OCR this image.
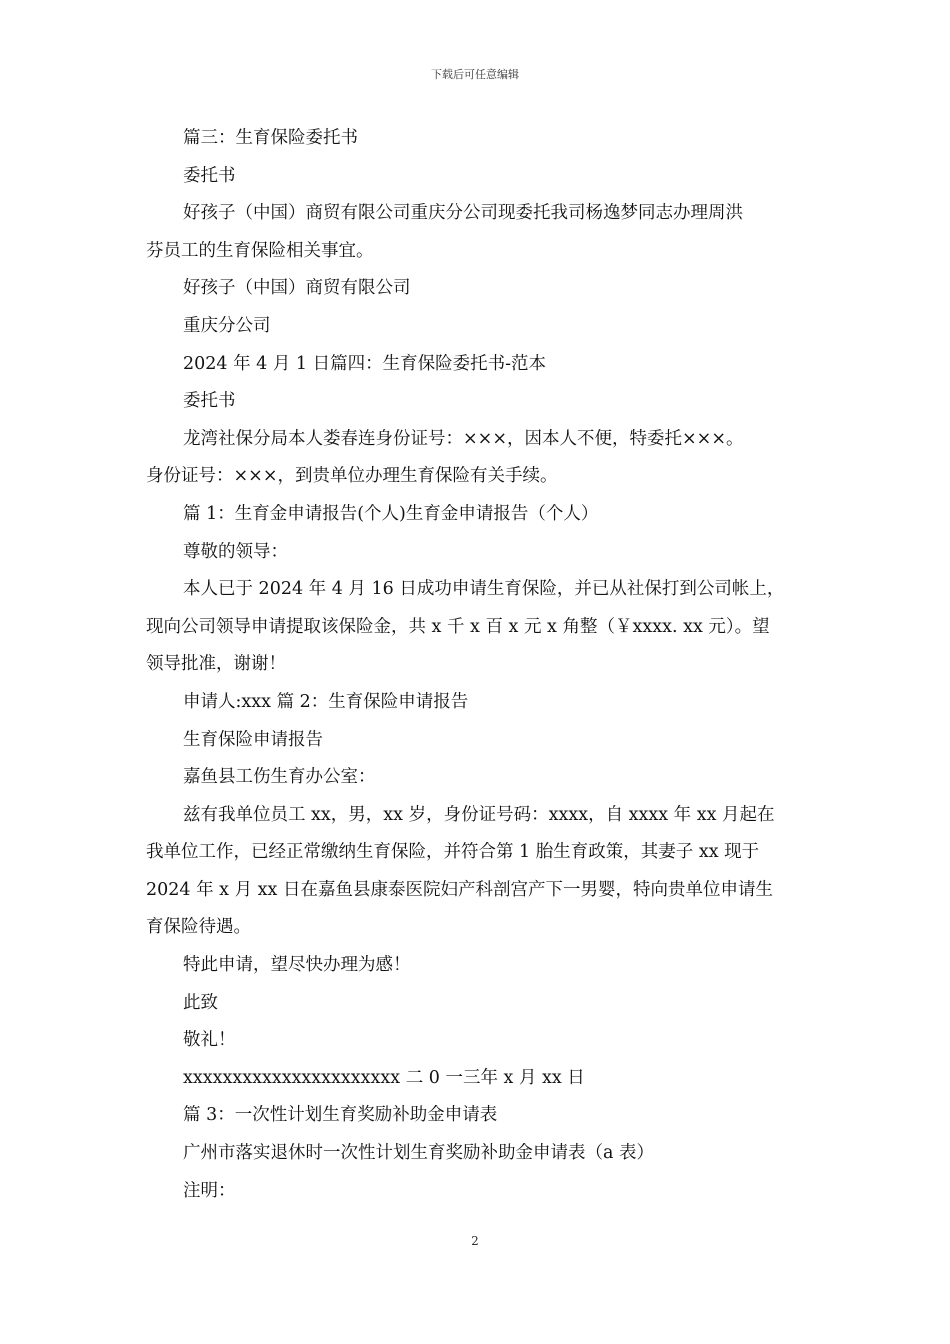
下载后可任意编辑

篇三：生育保险委托书

委托书

好孩子（中国）商贸有限公司重庆分公司现委托我司杨逸梦同志办理周洪

芬员工的生育保险相关事宜。

好孩子（中国）商贸有限公司

重庆分公司

2024 年 4 月 1 日篇四：生育保险委托书-范本

委托书

龙湾社保分局本人娄春连身份证号：×××，因本人不便，特委托×××。

身份证号：×××，到贵单位办理生育保险有关手续。

篇 1：生育金申请报告(个人)生育金申请报告（个人）

尊敬的领导：

本人已于 2024 年 4 月 16 日成功申请生育保险，并已从社保打到公司帐上，

现向公司领导申请提取该保险金，共 x 千 x 百 x 元 x 角整（￥xxxx. xx 元）。望

领导批准，谢谢！

申请人:xxx 篇 2：生育保险申请报告

生育保险申请报告

嘉鱼县工伤生育办公室：

兹有我单位员工 xx，男，xx 岁，身份证号码：xxxx，自 xxxx 年 xx 月起在

我单位工作，已经正常缴纳生育保险，并符合第 1 胎生育政策，其妻子 xx 现于

2024 年 x 月 xx 日在嘉鱼县康泰医院妇产科剖宫产下一男婴，特向贵单位申请生

育保险待遇。

特此申请，望尽快办理为感！

此致

敬礼！

xxxxxxxxxxxxxxxxxxxxxx 二 0 一三年 x 月 xx 日

篇 3：一次性计划生育奖励补助金申请表

广州市落实退休时一次性计划生育奖励补助金申请表（a 表）

注明：

2
